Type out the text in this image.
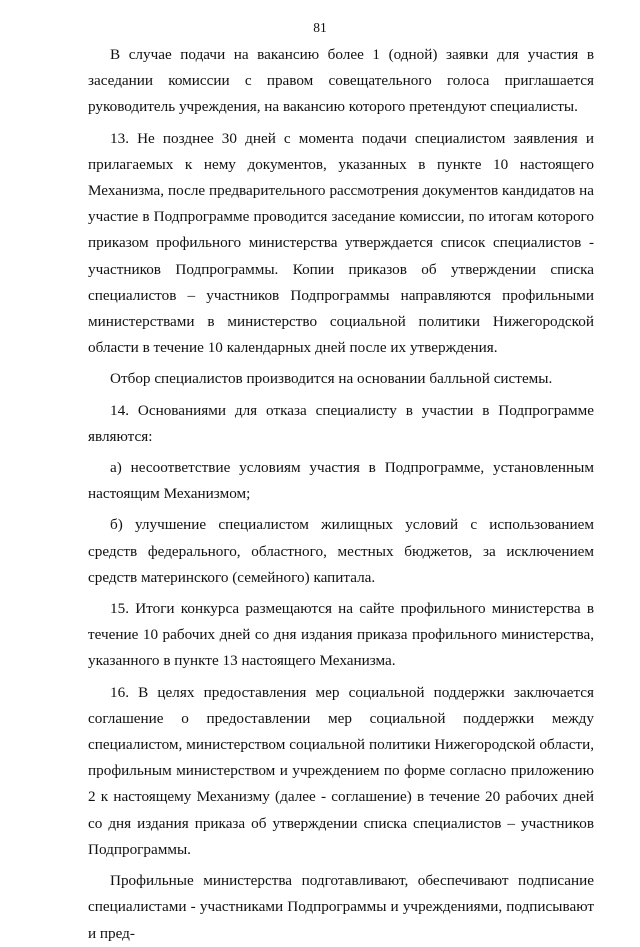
81

В случае подачи на вакансию более 1 (одной) заявки для участия в заседании комиссии с правом совещательного голоса приглашается руководитель учреждения, на вакансию которого претендуют специалисты.

13. Не позднее 30 дней с момента подачи специалистом заявления и прилагаемых к нему документов, указанных в пункте 10 настоящего Механизма, после предварительного рассмотрения документов кандидатов на участие в Подпрограмме проводится заседание комиссии, по итогам которого приказом профильного министерства утверждается список специалистов - участников Подпрограммы. Копии приказов об утверждении списка специалистов – участников Подпрограммы направляются профильными министерствами в министерство социальной политики Нижегородской области в течение 10 календарных дней после их утверждения.

Отбор специалистов производится на основании балльной системы.

14. Основаниями для отказа специалисту в участии в Подпрограмме являются:

а) несоответствие условиям участия в Подпрограмме, установленным настоящим Механизмом;

б) улучшение специалистом жилищных условий с использованием средств федерального, областного, местных бюджетов, за исключением средств материнского (семейного) капитала.

15. Итоги конкурса размещаются на сайте профильного министерства в течение 10 рабочих дней со дня издания приказа профильного министерства, указанного в пункте 13 настоящего Механизма.

16. В целях предоставления мер социальной поддержки заключается соглашение о предоставлении мер социальной поддержки между специалистом, министерством социальной политики Нижегородской области, профильным министерством и учреждением по форме согласно приложению 2 к настоящему Механизму (далее - соглашение) в течение 20 рабочих дней со дня издания приказа об утверждении списка специалистов – участников Подпрограммы.

Профильные министерства подготавливают, обеспечивают подписание специалистами - участниками Подпрограммы и учреждениями, подписывают и пред-
